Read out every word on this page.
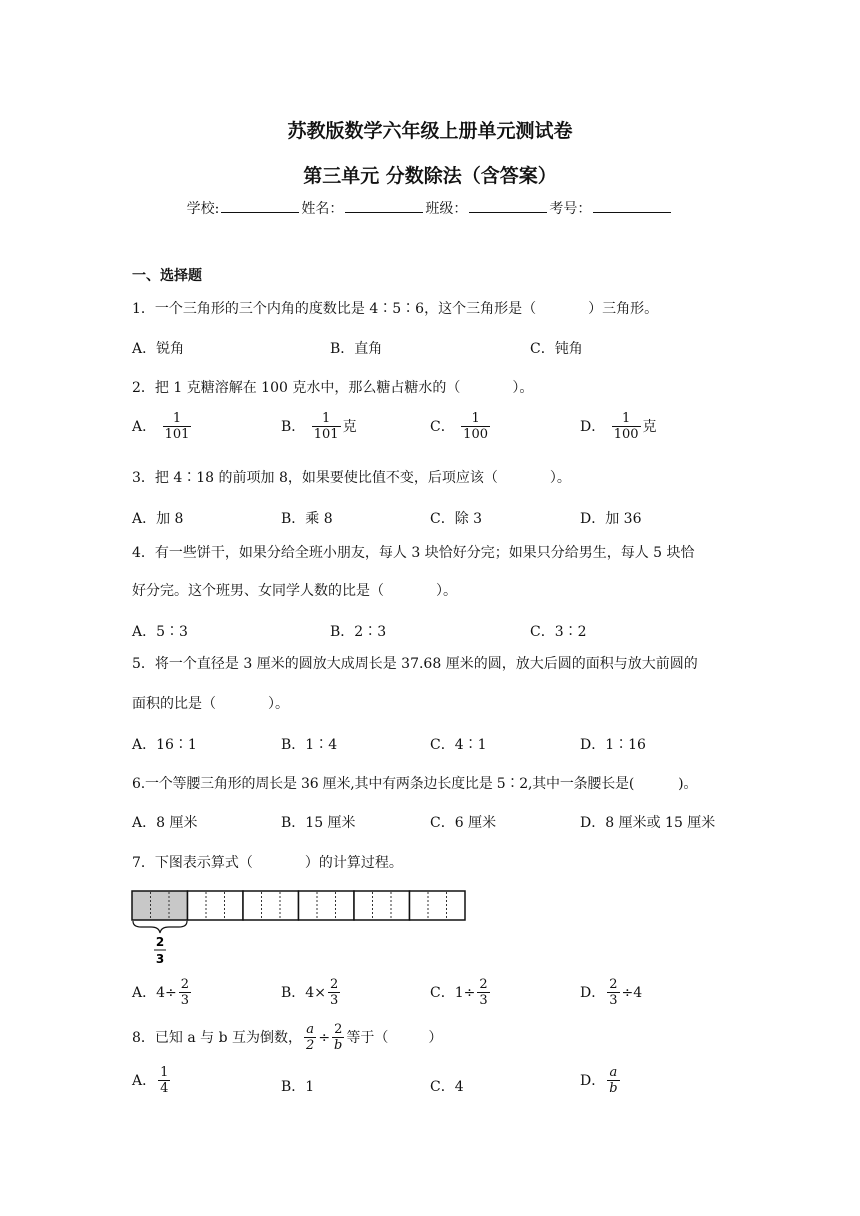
苏教版数学六年级上册单元测试卷
第三单元 分数除法（含答案）
学校:	姓名：	班级：	考号：
一、选择题
1．一个三角形的三个内角的度数比是 4∶5∶6，这个三角形是（	）三角形。
A．锐角	B．直角	C．钝角
2．把 1 克糖溶解在 100 克水中，那么糖占糖水的（	）。
A． $\frac{1}{101}$	B． $\frac{1}{101}$ 克	C． $\frac{1}{100}$	D． $\frac{1}{100}$ 克
3．把 4∶18 的前项加 8，如果要使比值不变，后项应该（	）。
A．加 8	B．乘 8	C．除 3	D．加 36
4．有一些饼干，如果分给全班小朋友，每人 3 块恰好分完；如果只分给男生，每人 5 块恰
好分完。这个班男、女同学人数的比是（	）。
A．5∶3	B．2∶3	C．3∶2
5．将一个直径是 3 厘米的圆放大成周长是 37.68 厘米的圆，放大后圆的面积与放大前圆的
面积的比是（	）。
A．16∶1	B．1∶4	C．4∶1	D．1∶16
6.一个等腰三角形的周长是 36 厘米,其中有两条边长度比是 5∶2,其中一条腰长是(	)。
A．8 厘米	B．15 厘米	C．6 厘米	D．8 厘米或 15 厘米
7．下图表示算式（	）的计算过程。
2
3
A．$4\div \frac{2}{3}$	B．$4\times \frac{2}{3}$	C．$1\div \frac{2}{3}$	D． $\frac{2}{3} \div 4$
8．已知 a 与 b 互为倒数， $\frac{a}{2} \div \frac{2}{b}$ 等于（	）
A． $\frac{1}{4}$	B．1	C．4	D． $\frac{a}{b}$
